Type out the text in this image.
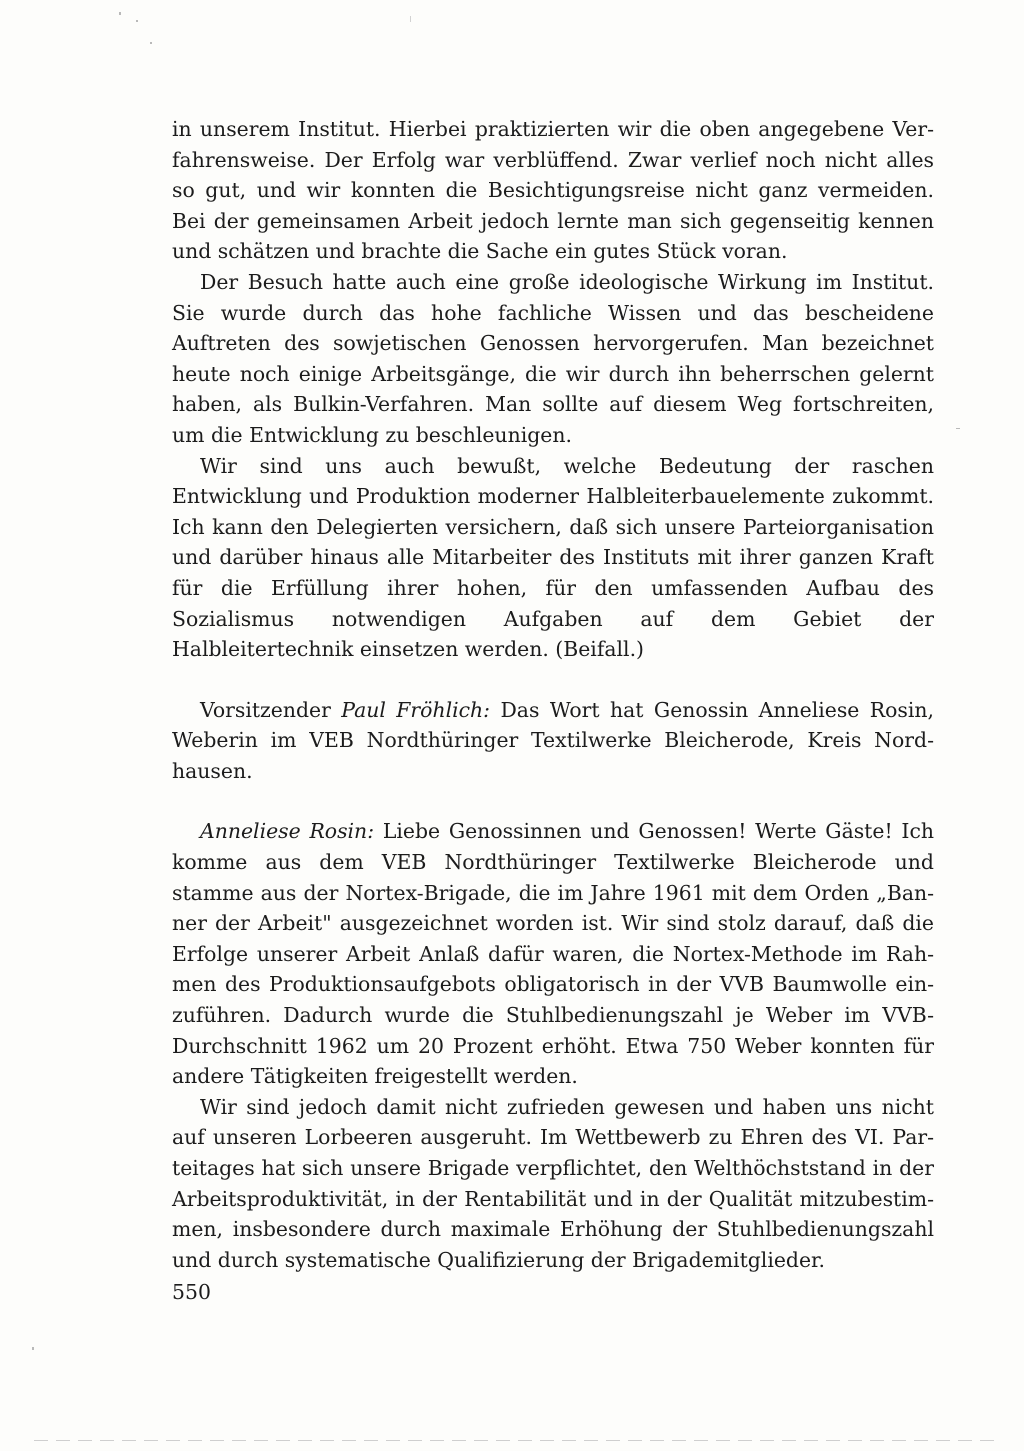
in unserem Institut. Hierbei praktizierten wir die oben angegebene Verfahrensweise. Der Erfolg war verblüffend. Zwar verlief noch nicht alles so gut, und wir konnten die Besichtigungsreise nicht ganz vermeiden. Bei der gemeinsamen Arbeit jedoch lernte man sich gegenseitig kennen und schätzen und brachte die Sache ein gutes Stück voran.

Der Besuch hatte auch eine große ideologische Wirkung im Institut. Sie wurde durch das hohe fachliche Wissen und das bescheidene Auftreten des sowjetischen Genossen hervorgerufen. Man bezeichnet heute noch einige Arbeitsgänge, die wir durch ihn beherrschen gelernt haben, als Bulkin-Verfahren. Man sollte auf diesem Weg fortschreiten, um die Entwicklung zu beschleunigen.

Wir sind uns auch bewußt, welche Bedeutung der raschen Entwicklung und Produktion moderner Halbleiterbauelemente zukommt. Ich kann den Delegierten versichern, daß sich unsere Parteiorganisation und darüber hinaus alle Mitarbeiter des Instituts mit ihrer ganzen Kraft für die Erfüllung ihrer hohen, für den umfassenden Aufbau des Sozialismus notwendigen Aufgaben auf dem Gebiet der Halbleitertechnik einsetzen werden. (Beifall.)

Vorsitzender Paul Fröhlich: Das Wort hat Genossin Anneliese Rosin, Weberin im VEB Nordthüringer Textilwerke Bleicherode, Kreis Nordhausen.

Anneliese Rosin: Liebe Genossinnen und Genossen! Werte Gäste! Ich komme aus dem VEB Nordthüringer Textilwerke Bleicherode und stamme aus der Nortex-Brigade, die im Jahre 1961 mit dem Orden „Banner der Arbeit" ausgezeichnet worden ist. Wir sind stolz darauf, daß die Erfolge unserer Arbeit Anlaß dafür waren, die Nortex-Methode im Rahmen des Produktionsaufgebots obligatorisch in der VVB Baumwolle einzuführen. Dadurch wurde die Stuhlbedienungszahl je Weber im VVB-Durchschnitt 1962 um 20 Prozent erhöht. Etwa 750 Weber konnten für andere Tätigkeiten freigestellt werden.

Wir sind jedoch damit nicht zufrieden gewesen und haben uns nicht auf unseren Lorbeeren ausgeruht. Im Wettbewerb zu Ehren des VI. Parteitages hat sich unsere Brigade verpflichtet, den Welthöchststand in der Arbeitsproduktivität, in der Rentabilität und in der Qualität mitzubestimmen, insbesondere durch maximale Erhöhung der Stuhlbedienungszahl und durch systematische Qualifizierung der Brigademitglieder.

550
